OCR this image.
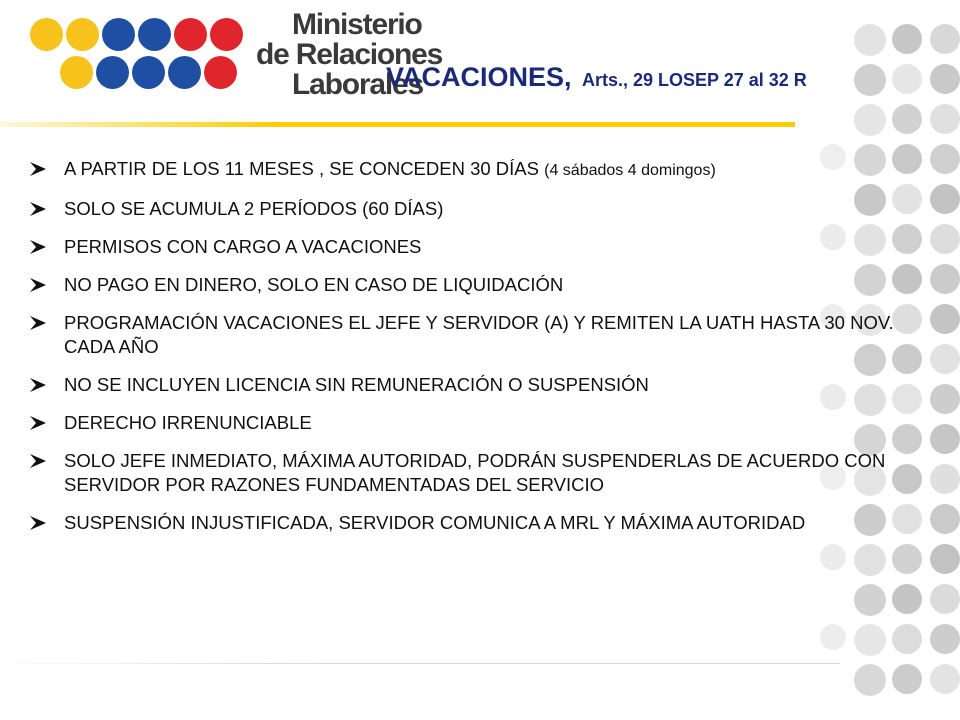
Ministerio
de Relaciones
Laborales
VACACIONES, Arts., 29 LOSEP 27 al 32 R
A PARTIR DE LOS 11 MESES , SE CONCEDEN 30 DÍAS (4 sábados 4 domingos)
SOLO SE ACUMULA 2 PERÍODOS (60 DÍAS)
PERMISOS CON CARGO A VACACIONES
NO PAGO EN DINERO, SOLO EN CASO DE LIQUIDACIÓN
PROGRAMACIÓN VACACIONES EL JEFE Y SERVIDOR (A) Y REMITEN LA UATH HASTA 30 NOV. CADA AÑO
NO SE INCLUYEN LICENCIA SIN REMUNERACIÓN O SUSPENSIÓN
DERECHO IRRENUNCIABLE
SOLO JEFE INMEDIATO, MÁXIMA AUTORIDAD, PODRÁN SUSPENDERLAS DE ACUERDO CON SERVIDOR POR RAZONES FUNDAMENTADAS DEL SERVICIO
SUSPENSIÓN INJUSTIFICADA, SERVIDOR COMUNICA A MRL Y MÁXIMA AUTORIDAD
